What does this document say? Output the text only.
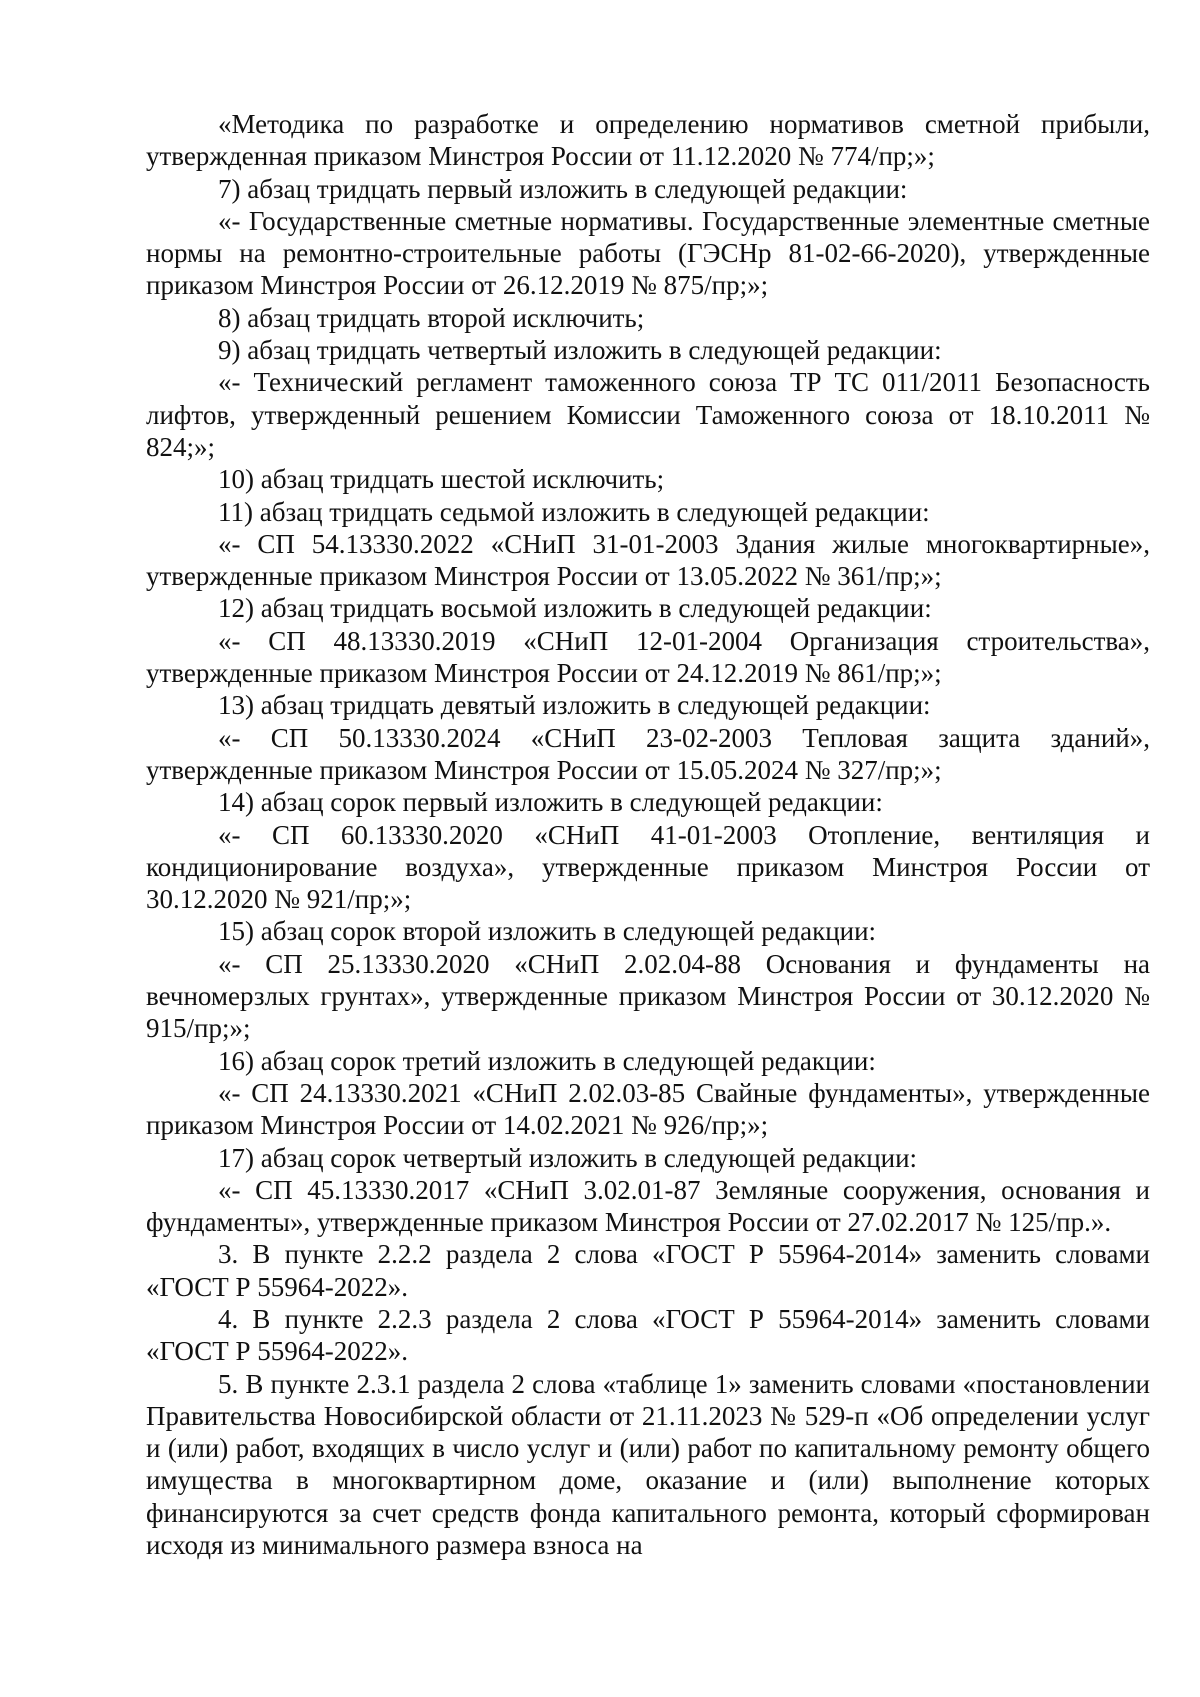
«Методика по разработке и определению нормативов сметной прибыли, утвержденная приказом Минстроя России от 11.12.2020 № 774/пр;»;

7) абзац тридцать первый изложить в следующей редакции:

«- Государственные сметные нормативы. Государственные элементные сметные нормы на ремонтно-строительные работы (ГЭСНр 81-02-66-2020), утвержденные приказом Минстроя России от 26.12.2019 № 875/пр;»;

8) абзац тридцать второй исключить;

9) абзац тридцать четвертый изложить в следующей редакции:

«- Технический регламент таможенного союза ТР ТС 011/2011 Безопасность лифтов, утвержденный решением Комиссии Таможенного союза от 18.10.2011 № 824;»;

10) абзац тридцать шестой исключить;

11) абзац тридцать седьмой изложить в следующей редакции:

«- СП 54.13330.2022 «СНиП 31-01-2003 Здания жилые многоквартирные», утвержденные приказом Минстроя России от 13.05.2022 № 361/пр;»;

12) абзац тридцать восьмой изложить в следующей редакции:

«- СП 48.13330.2019 «СНиП 12-01-2004 Организация строительства», утвержденные приказом Минстроя России от 24.12.2019 № 861/пр;»;

13) абзац тридцать девятый изложить в следующей редакции:

«- СП 50.13330.2024 «СНиП 23-02-2003 Тепловая защита зданий», утвержденные приказом Минстроя России от 15.05.2024 № 327/пр;»;

14) абзац сорок первый изложить в следующей редакции:

«- СП 60.13330.2020 «СНиП 41-01-2003 Отопление, вентиляция и кондиционирование воздуха», утвержденные приказом Минстроя России от 30.12.2020 № 921/пр;»;

15) абзац сорок второй изложить в следующей редакции:

«- СП 25.13330.2020 «СНиП 2.02.04-88 Основания и фундаменты на вечномерзлых грунтах», утвержденные приказом Минстроя России от 30.12.2020 № 915/пр;»;

16) абзац сорок третий изложить в следующей редакции:

«- СП 24.13330.2021 «СНиП 2.02.03-85 Свайные фундаменты», утвержденные приказом Минстроя России от 14.02.2021 № 926/пр;»;

17) абзац сорок четвертый изложить в следующей редакции:

«- СП 45.13330.2017 «СНиП 3.02.01-87 Земляные сооружения, основания и фундаменты», утвержденные приказом Минстроя России от 27.02.2017 № 125/пр.».

3. В пункте 2.2.2 раздела 2 слова «ГОСТ Р 55964-2014» заменить словами «ГОСТ Р 55964-2022».

4. В пункте 2.2.3 раздела 2 слова «ГОСТ Р 55964-2014» заменить словами «ГОСТ Р 55964-2022».

5. В пункте 2.3.1 раздела 2 слова «таблице 1» заменить словами «постановлении Правительства Новосибирской области от 21.11.2023 № 529-п «Об определении услуг и (или) работ, входящих в число услуг и (или) работ по капитальному ремонту общего имущества в многоквартирном доме, оказание и (или) выполнение которых финансируются за счет средств фонда капитального ремонта, который сформирован исходя из минимального размера взноса на
